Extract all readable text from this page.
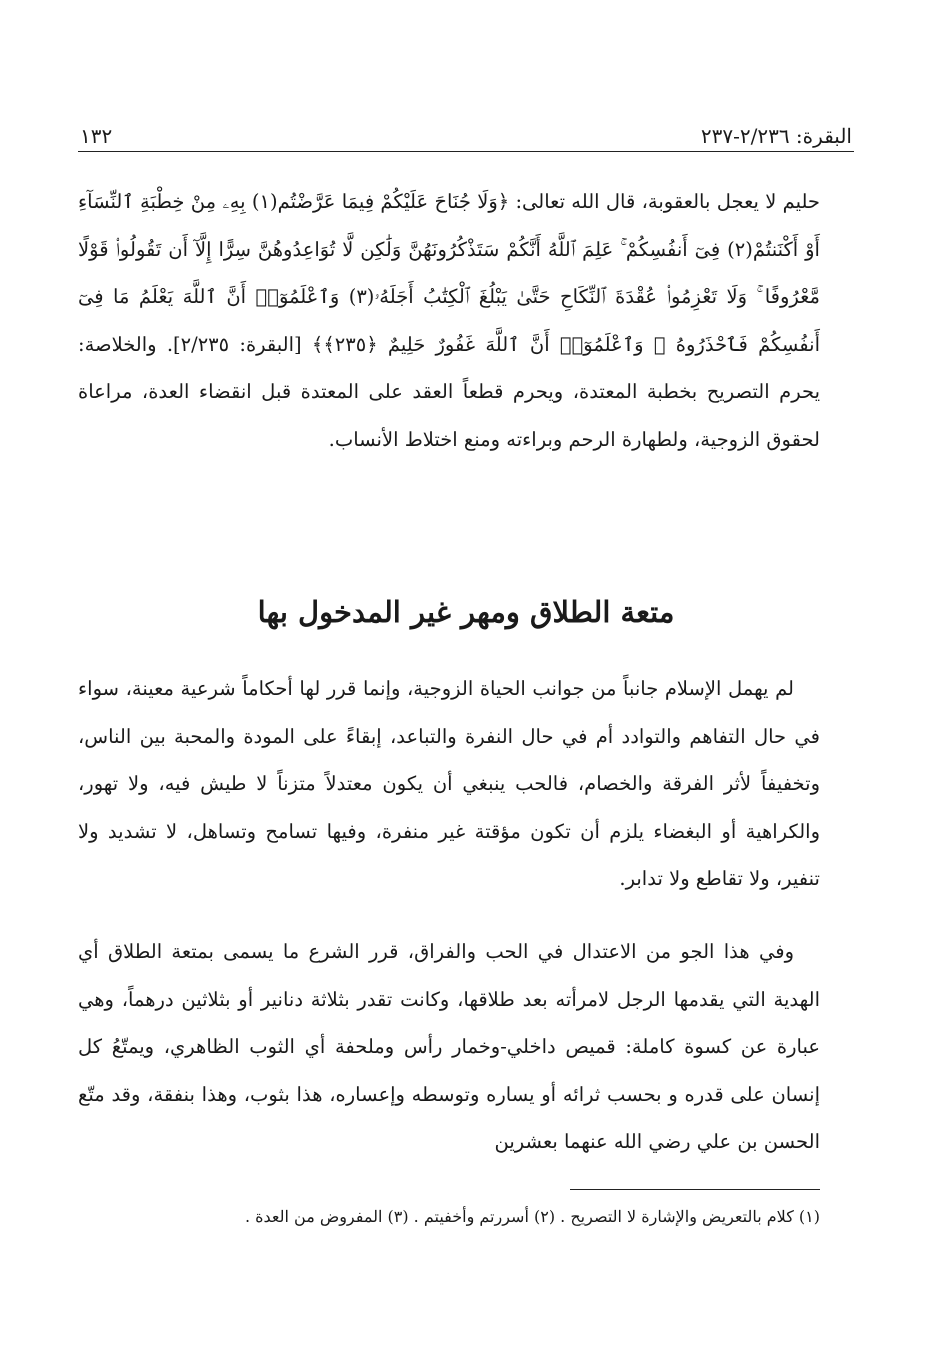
البقرة: ٢/٢٣٦-٢٣٧
١٣٢
حليم لا يعجل بالعقوبة، قال الله تعالى: ﴿وَلَا جُنَاحَ عَلَيْكُمْ فِيمَا عَرَّضْتُم(١) بِهِۦ مِنْ خِطْبَةِ ٱلنِّسَآءِ أَوْ أَكْنَنتُمْ(٢) فِىٓ أَنفُسِكُمْ ۚ عَلِمَ ٱللَّهُ أَنَّكُمْ سَتَذْكُرُونَهُنَّ وَلَٰكِن لَّا تُوَاعِدُوهُنَّ سِرًّا إِلَّآ أَن تَقُولُوا۟ قَوْلًا مَّعْرُوفًا ۚ وَلَا تَعْزِمُوا۟ عُقْدَةَ ٱلنِّكَاحِ حَتَّىٰ يَبْلُغَ ٱلْكِتَٰبُ أَجَلَهُۥ(٣) وَٱعْلَمُوٓا۟ أَنَّ ٱللَّهَ يَعْلَمُ مَا فِىٓ أَنفُسِكُمْ فَٱحْذَرُوهُ ۚ وَٱعْلَمُوٓا۟ أَنَّ ٱللَّهَ غَفُورٌ حَلِيمٌ ﴿٢٣٥﴾﴾ [البقرة: ٢/٢٣٥]. والخلاصة: يحرم التصريح بخطبة المعتدة، ويحرم قطعاً العقد على المعتدة قبل انقضاء العدة، مراعاة لحقوق الزوجية، ولطهارة الرحم وبراءته ومنع اختلاط الأنساب.
متعة الطلاق ومهر غير المدخول بها
لم يهمل الإسلام جانباً من جوانب الحياة الزوجية، وإنما قرر لها أحكاماً شرعية معينة، سواء في حال التفاهم والتوادد أم في حال النفرة والتباعد، إبقاءً على المودة والمحبة بين الناس، وتخفيفاً لأثر الفرقة والخصام، فالحب ينبغي أن يكون معتدلاً متزناً لا طيش فيه، ولا تهور، والكراهية أو البغضاء يلزم أن تكون مؤقتة غير منفرة، وفيها تسامح وتساهل، لا تشديد ولا تنفير، ولا تقاطع ولا تدابر.
وفي هذا الجو من الاعتدال في الحب والفراق، قرر الشرع ما يسمى بمتعة الطلاق أي الهدية التي يقدمها الرجل لامرأته بعد طلاقها، وكانت تقدر بثلاثة دنانير أو بثلاثين درهماً، وهي عبارة عن كسوة كاملة: قميص داخلي-وخمار رأس وملحفة أي الثوب الظاهري، ويمتّعُ كل إنسان على قدره و بحسب ثرائه أو يساره وتوسطه وإعساره، هذا بثوب، وهذا بنفقة، وقد متّع الحسن بن علي رضي الله عنهما بعشرين
(١) كلام بالتعريض والإشارة لا التصريح . (٢) أسررتم وأخفيتم . (٣) المفروض من العدة .
